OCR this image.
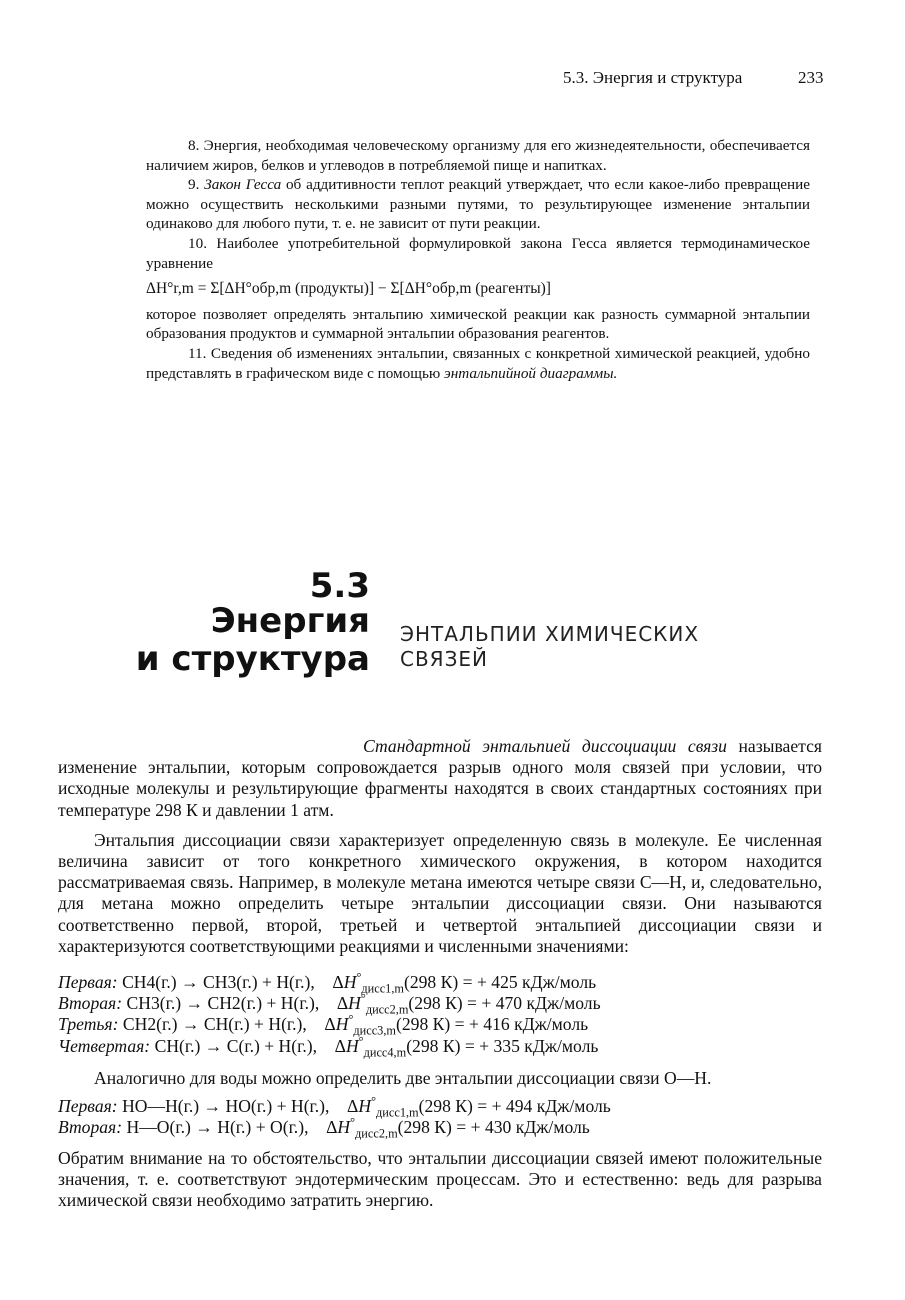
5.3. Энергия и структура	233

8. Энергия, необходимая человеческому организму для его жизнедеятельности, обеспечивается наличием жиров, белков и углеводов в потребляемой пище и напитках.

9. Закон Гесса об аддитивности теплот реакций утверждает, что если какое-либо превращение можно осуществить несколькими разными путями, то результирующее изменение энтальпии одинаково для любого пути, т. е. не зависит от пути реакции.

10. Наиболее употребительной формулировкой закона Гесса является термодинамическое уравнение

ΔH°r,m = Σ[ΔH°обр,m (продукты)] − Σ[ΔH°обр,m (реагенты)]

которое позволяет определять энтальпию химической реакции как разность суммарной энтальпии образования продуктов и суммарной энтальпии образования реагентов.

11. Сведения об изменениях энтальпии, связанных с конкретной химической реакцией, удобно представлять в графическом виде с помощью энтальпийной диаграммы.

5.3
Энергия
и структура
ЭНТАЛЬПИИ ХИМИЧЕСКИХ
СВЯЗЕЙ

Стандартной энтальпией диссоциации связи называется изменение энтальпии, которым сопровождается разрыв одного моля связей при условии, что исходные молекулы и результирующие фрагменты находятся в своих стандартных состояниях при температуре 298 К и давлении 1 атм.

Энтальпия диссоциации связи характеризует определенную связь в молекуле. Ее численная величина зависит от того конкретного химического окружения, в котором находится рассматриваемая связь. Например, в молекуле метана имеются четыре связи С—Н, и, следовательно, для метана можно определить четыре энтальпии диссоциации связи. Они называются соответственно первой, второй, третьей и четвертой энтальпией диссоциации связи и характеризуются соответствующими реакциями и численными значениями:

Первая: CH4(г.) → CH3(г.) + H(г.), $\Delta H^\circ_{дисс1,m}(298$ К) = + 425 кДж/моль
Вторая: CH3(г.) → CH2(г.) + H(г.), $\Delta H^\circ_{дисс2,m}(298$ К) = + 470 кДж/моль
Третья: CH2(г.) → CH(г.) + H(г.), $\Delta H^\circ_{дисс3,m}(298$ К) = + 416 кДж/моль
Четвертая: CH(г.) → C(г.) + H(г.), $\Delta H^\circ_{дисс4,m}(298$ К) = + 335 кДж/моль

Аналогично для воды можно определить две энтальпии диссоциации связи О—Н.

Первая: HO—H(г.) → HO(г.) + H(г.), $\Delta H^\circ_{дисс1,m}(298$ К) = + 494 кДж/моль
Вторая: H—O(г.) → H(г.) + O(г.), $\Delta H^\circ_{дисс2,m}(298$ К) = + 430 кДж/моль

Обратим внимание на то обстоятельство, что энтальпии диссоциации связей имеют положительные значения, т. е. соответствуют эндотермическим процессам. Это и естественно: ведь для разрыва химической связи необходимо затратить энергию.
